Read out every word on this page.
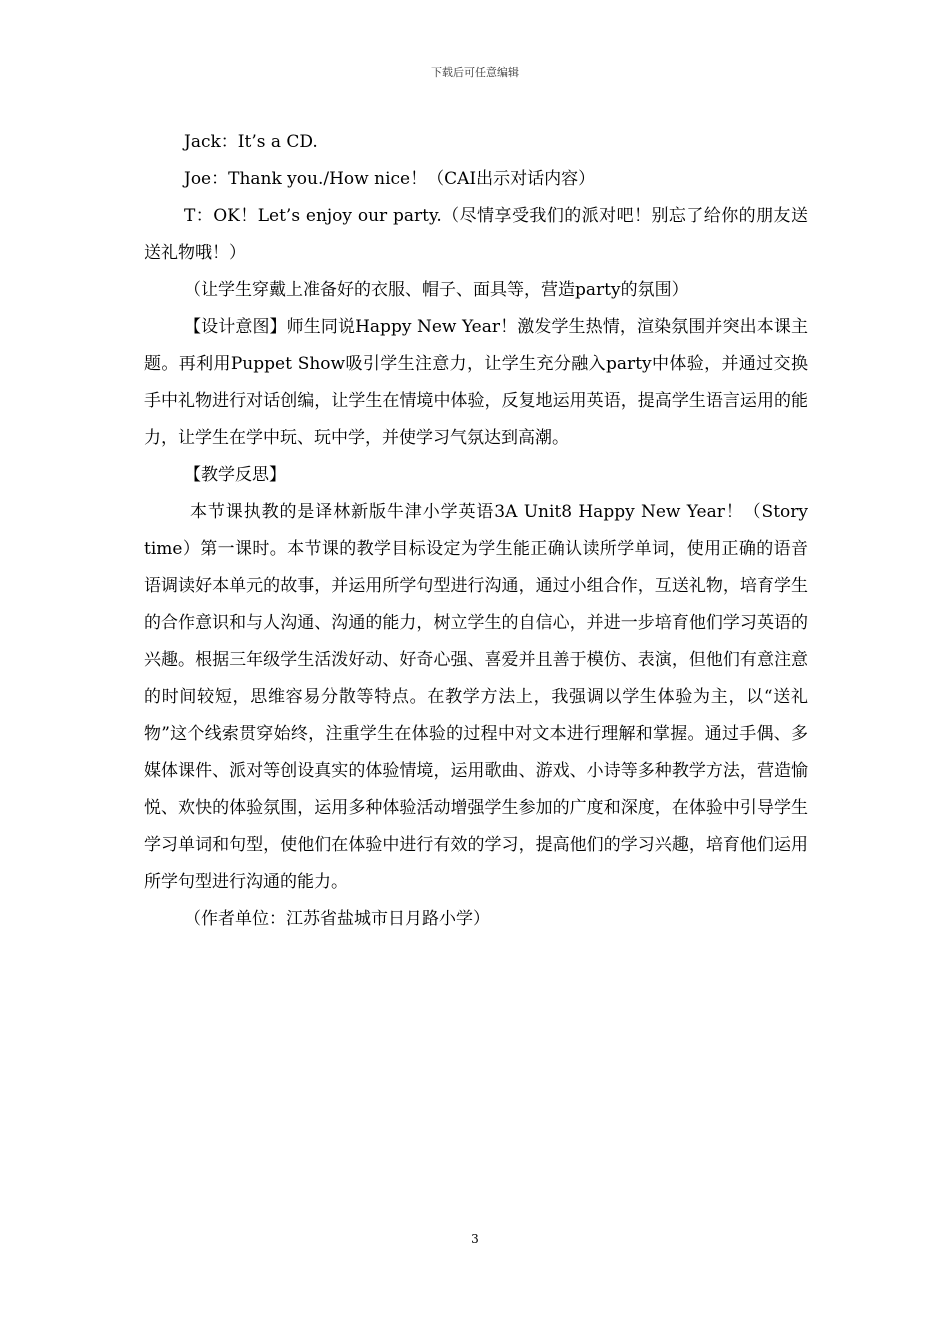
下载后可任意编辑

Jack：It’s a CD.

Joe：Thank you./How nice！（CAI出示对话内容）

T：OK！Let’s enjoy our party.（尽情享受我们的派对吧！别忘了给你的朋友送送礼物哦！）

（让学生穿戴上准备好的衣服、帽子、面具等，营造party的氛围）

【设计意图】师生同说Happy New Year！激发学生热情，渲染氛围并突出本课主题。再利用Puppet Show吸引学生注意力，让学生充分融入party中体验，并通过交换手中礼物进行对话创编，让学生在情境中体验，反复地运用英语，提高学生语言运用的能力，让学生在学中玩、玩中学，并使学习气氛达到高潮。

【教学反思】

本节课执教的是译林新版牛津小学英语3A Unit8 Happy New Year！（Story time）第一课时。本节课的教学目标设定为学生能正确认读所学单词，使用正确的语音语调读好本单元的故事，并运用所学句型进行沟通，通过小组合作，互送礼物，培育学生的合作意识和与人沟通、沟通的能力，树立学生的自信心，并进一步培育他们学习英语的兴趣。根据三年级学生活泼好动、好奇心强、喜爱并且善于模仿、表演，但他们有意注意的时间较短，思维容易分散等特点。在教学方法上，我强调以学生体验为主，以“送礼物”这个线索贯穿始终，注重学生在体验的过程中对文本进行理解和掌握。通过手偶、多媒体课件、派对等创设真实的体验情境，运用歌曲、游戏、小诗等多种教学方法，营造愉悦、欢快的体验氛围，运用多种体验活动增强学生参加的广度和深度，在体验中引导学生学习单词和句型，使他们在体验中进行有效的学习，提高他们的学习兴趣，培育他们运用所学句型进行沟通的能力。

（作者单位：江苏省盐城市日月路小学）

3
